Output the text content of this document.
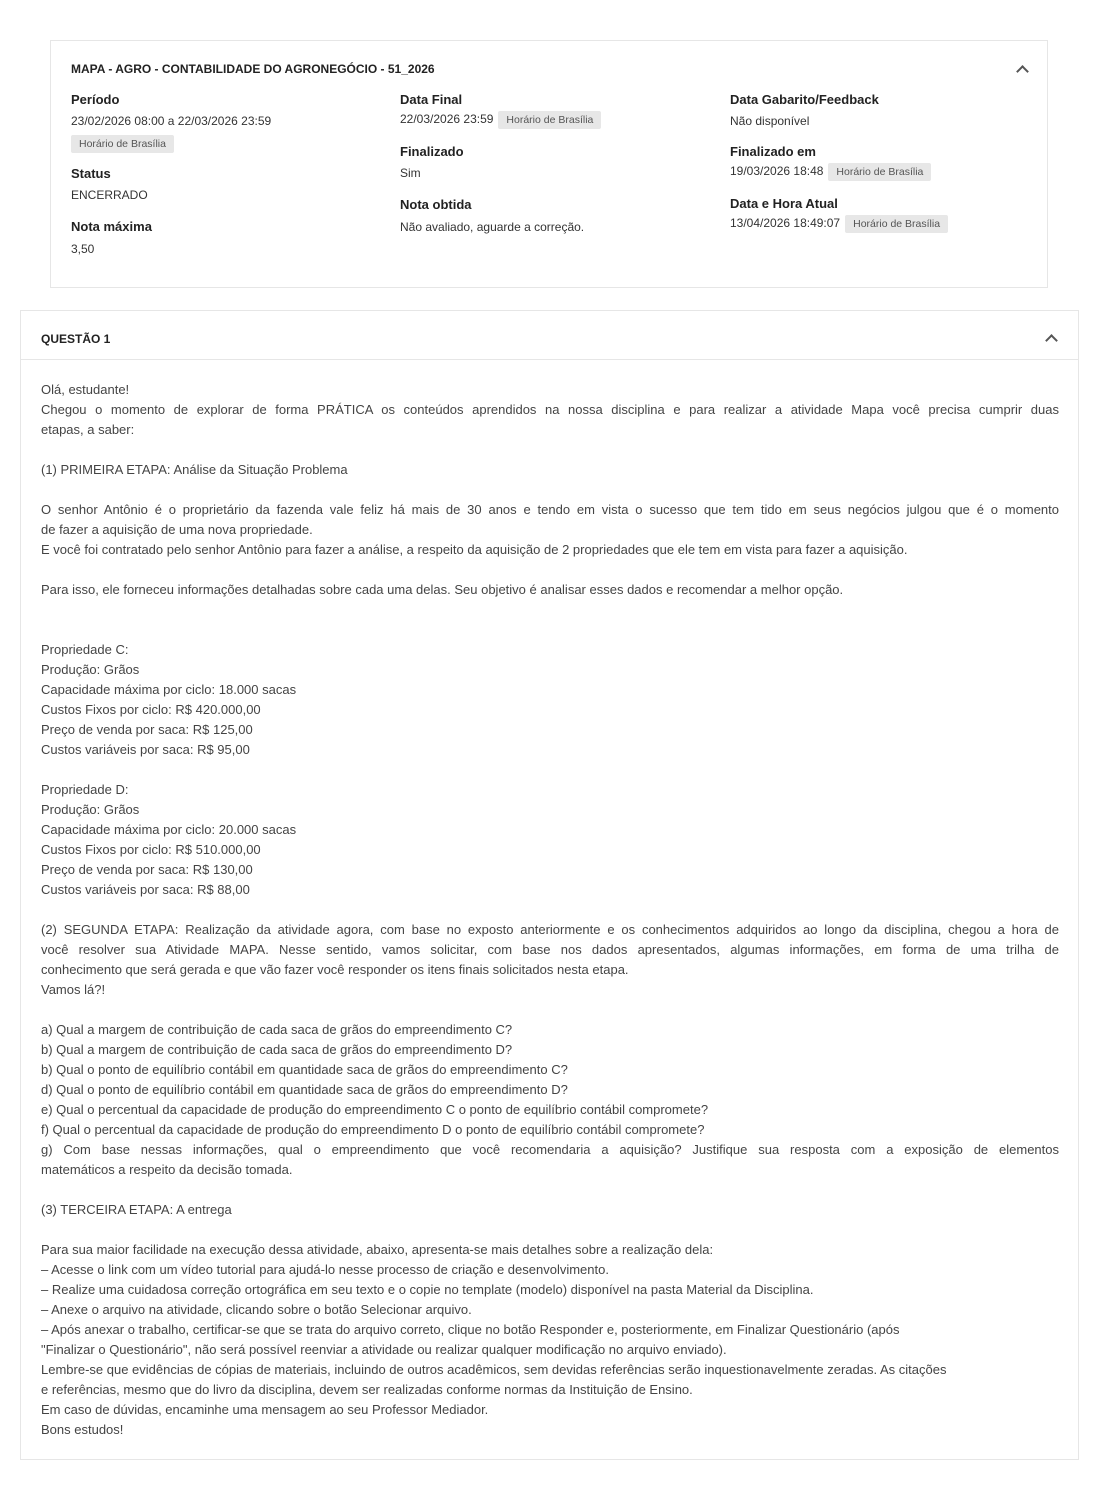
MAPA - AGRO - CONTABILIDADE DO AGRONEGÓCIO - 51_2026
Período
23/02/2026 08:00 a 22/03/2026 23:59
Horário de Brasília
Status
ENCERRADO
Nota máxima
3,50
Data Final
22/03/2026 23:59 Horário de Brasília
Finalizado
Sim
Nota obtida
Não avaliado, aguarde a correção.
Data Gabarito/Feedback
Não disponível
Finalizado em
19/03/2026 18:48 Horário de Brasília
Data e Hora Atual
13/04/2026 18:49:07 Horário de Brasília
QUESTÃO 1
Olá, estudante!
Chegou o momento de explorar de forma PRÁTICA os conteúdos aprendidos na nossa disciplina e para realizar a atividade Mapa você precisa cumprir duas
etapas, a saber:
(1) PRIMEIRA ETAPA: Análise da Situação Problema
O senhor Antônio é o proprietário da fazenda vale feliz há mais de 30 anos e tendo em vista o sucesso que tem tido em seus negócios julgou que é o momento
de fazer a aquisição de uma nova propriedade.
E você foi contratado pelo senhor Antônio para fazer a análise, a respeito da aquisição de 2 propriedades que ele tem em vista para fazer a aquisição.
Para isso, ele forneceu informações detalhadas sobre cada uma delas. Seu objetivo é analisar esses dados e recomendar a melhor opção.
Propriedade C:
Produção: Grãos
Capacidade máxima por ciclo: 18.000 sacas
Custos Fixos por ciclo: R$ 420.000,00
Preço de venda por saca: R$ 125,00
Custos variáveis por saca: R$ 95,00
Propriedade D:
Produção: Grãos
Capacidade máxima por ciclo: 20.000 sacas
Custos Fixos por ciclo: R$ 510.000,00
Preço de venda por saca: R$ 130,00
Custos variáveis por saca: R$ 88,00
(2) SEGUNDA ETAPA: Realização da atividade agora, com base no exposto anteriormente e os conhecimentos adquiridos ao longo da disciplina, chegou a hora de
você resolver sua Atividade MAPA. Nesse sentido, vamos solicitar, com base nos dados apresentados, algumas informações, em forma de uma trilha de
conhecimento que será gerada e que vão fazer você responder os itens finais solicitados nesta etapa.
Vamos lá?!
a) Qual a margem de contribuição de cada saca de grãos do empreendimento C?
b) Qual a margem de contribuição de cada saca de grãos do empreendimento D?
b) Qual o ponto de equilíbrio contábil em quantidade saca de grãos do empreendimento C?
d) Qual o ponto de equilíbrio contábil em quantidade saca de grãos do empreendimento D?
e) Qual o percentual da capacidade de produção do empreendimento C o ponto de equilíbrio contábil compromete?
f) Qual o percentual da capacidade de produção do empreendimento D o ponto de equilíbrio contábil compromete?
g) Com base nessas informações, qual o empreendimento que você recomendaria a aquisição? Justifique sua resposta com a exposição de elementos
matemáticos a respeito da decisão tomada.
(3) TERCEIRA ETAPA: A entrega
Para sua maior facilidade na execução dessa atividade, abaixo, apresenta-se mais detalhes sobre a realização dela:
– Acesse o link com um vídeo tutorial para ajudá-lo nesse processo de criação e desenvolvimento.
– Realize uma cuidadosa correção ortográfica em seu texto e o copie no template (modelo) disponível na pasta Material da Disciplina.
– Anexe o arquivo na atividade, clicando sobre o botão Selecionar arquivo.
– Após anexar o trabalho, certificar-se que se trata do arquivo correto, clique no botão Responder e, posteriormente, em Finalizar Questionário (após
"Finalizar o Questionário", não será possível reenviar a atividade ou realizar qualquer modificação no arquivo enviado).
Lembre-se que evidências de cópias de materiais, incluindo de outros acadêmicos, sem devidas referências serão inquestionavelmente zeradas. As citações
e referências, mesmo que do livro da disciplina, devem ser realizadas conforme normas da Instituição de Ensino.
Em caso de dúvidas, encaminhe uma mensagem ao seu Professor Mediador.
Bons estudos!
